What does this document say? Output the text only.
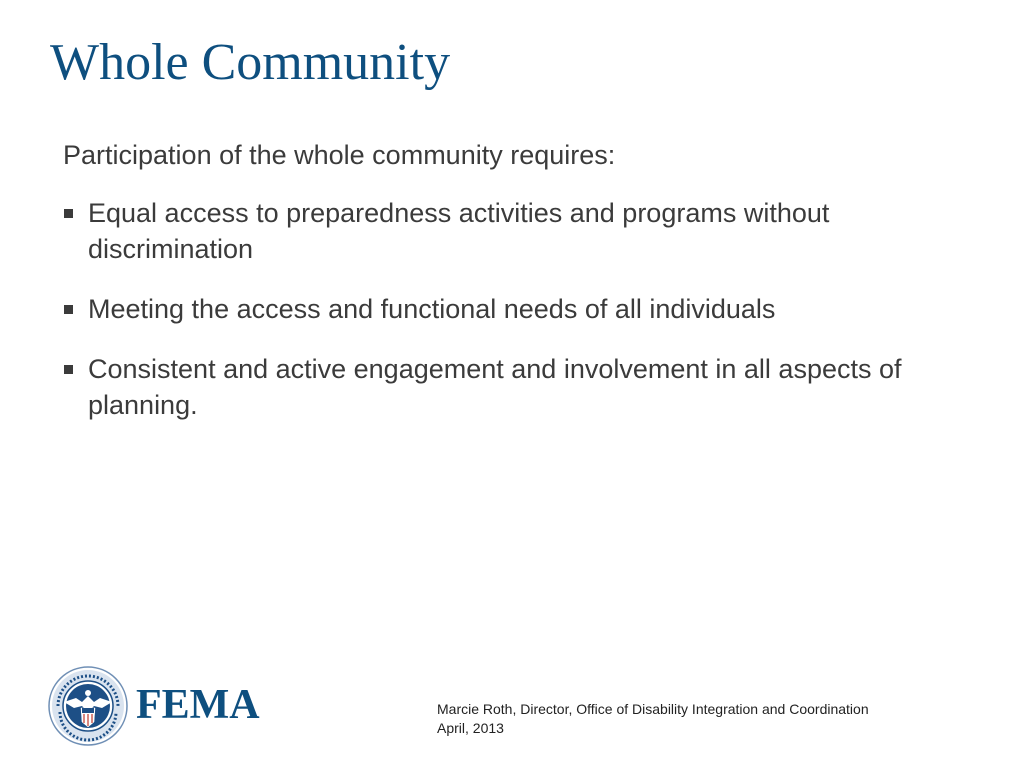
Whole Community
Participation of the whole community requires:
Equal access to preparedness activities and programs without discrimination
Meeting the access and functional needs of all individuals
Consistent and active engagement and involvement in all aspects of planning.
FEMA	Marcie Roth, Director, Office of Disability Integration and Coordination
April, 2013
